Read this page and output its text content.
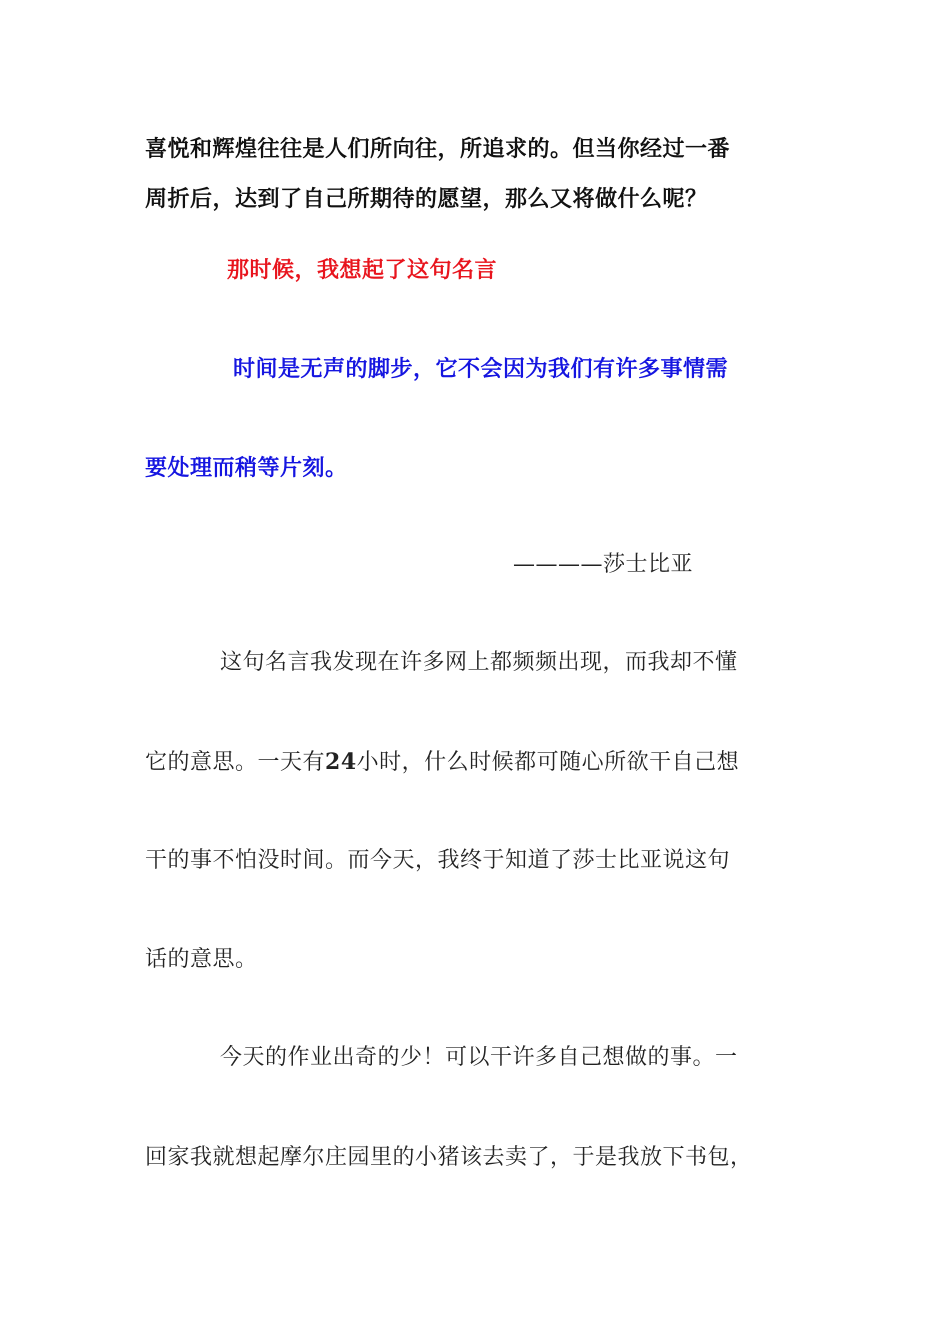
喜悦和辉煌往往是人们所向往，所追求的。但当你经过一番
周折后，达到了自己所期待的愿望，那么又将做什么呢？
那时候，我想起了这句名言
时间是无声的脚步，它不会因为我们有许多事情需
要处理而稍等片刻。
————莎士比亚
这句名言我发现在许多网上都频频出现，而我却不懂
它的意思。一天有24小时，什么时候都可随心所欲干自己想
干的事不怕没时间。而今天，我终于知道了莎士比亚说这句
话的意思。
今天的作业出奇的少！可以干许多自己想做的事。一
回家我就想起摩尔庄园里的小猪该去卖了，于是我放下书包，
